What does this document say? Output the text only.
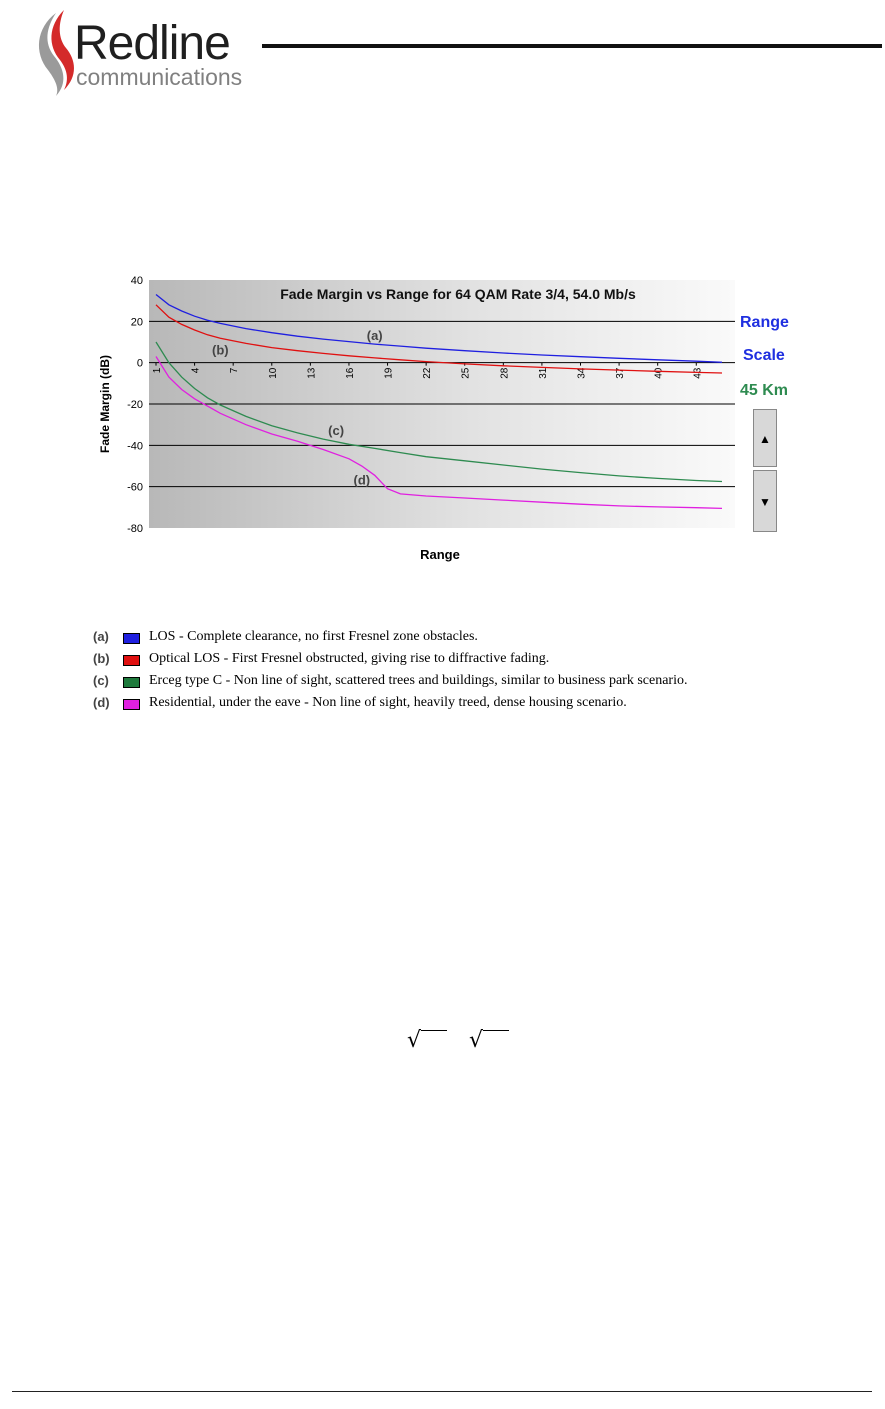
Redline
communications
40
20
0
-20
-40
-60
-80
1	4	7	10	13	16	19	22	25	28	31	34	37	40	43
(a)
(b)
(c)
(d)
Fade Margin vs Range for 64 QAM Rate 3/4, 54.0 Mb/s
Range
Fade Margin (dB)
Range
Scale
45 Km
▲
▼
(a)	LOS - Complete clearance, no first Fresnel zone obstacles.
(b)	Optical LOS - First Fresnel obstructed, giving rise to diffractive fading.
(c)	Erceg type C - Non line of sight, scattered trees and buildings, similar to business park scenario.
(d)	Residential, under the eave - Non line of sight, heavily treed, dense housing scenario.
√ √
